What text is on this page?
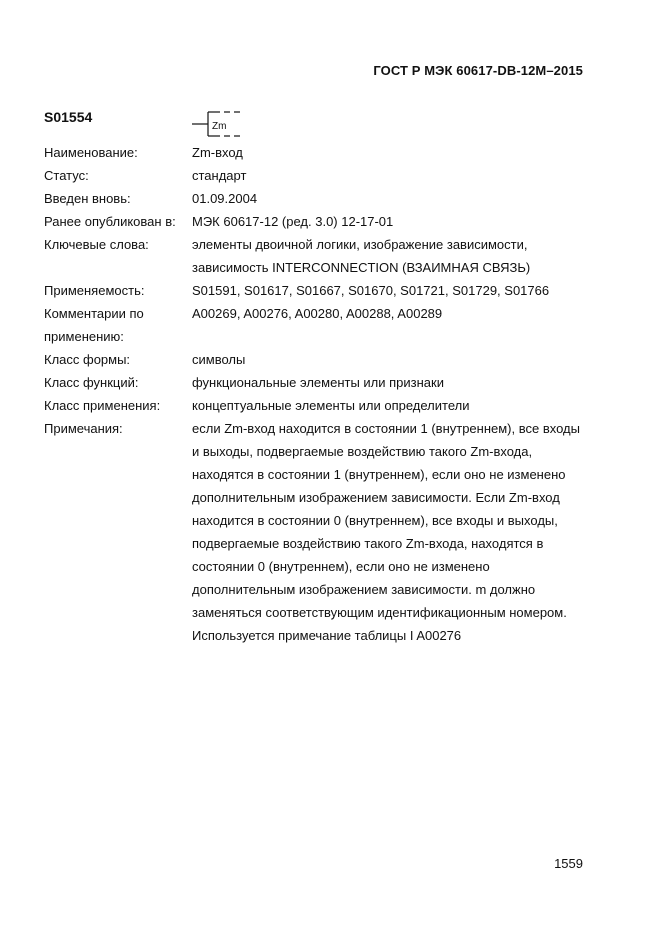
ГОСТ Р МЭК 60617-DB-12M–2015
S01554
Zm
Наименование:	Zm-вход
Статус:	стандарт
Введен вновь:	01.09.2004
Ранее опубликован в:	МЭК 60617-12 (ред. 3.0) 12-17-01
Ключевые слова:	элементы двоичной логики, изображение зависимости,
зависимость INTERCONNECTION (ВЗАИМНАЯ СВЯЗЬ)
Применяемость:	S01591, S01617, S01667, S01670, S01721, S01729, S01766
Комментарии по
применению:
A00269, A00276, A00280, A00288, A00289
Класс формы:	символы
Класс функций:	функциональные элементы или признаки
Класс применения:	концептуальные элементы или определители
Примечания:	если Zm-вход находится в состоянии 1 (внутреннем), все входы
и выходы, подвергаемые воздействию такого Zm-входа,
находятся в состоянии 1 (внутреннем), если оно не изменено
дополнительным изображением зависимости. Если Zm-вход
находится в состоянии 0 (внутреннем), все входы и выходы,
подвергаемые воздействию такого Zm-входа, находятся в
состоянии 0 (внутреннем), если оно не изменено
дополнительным изображением зависимости. m должно
заменяться соответствующим идентификационным номером.
Используется примечание таблицы I A00276
1559
